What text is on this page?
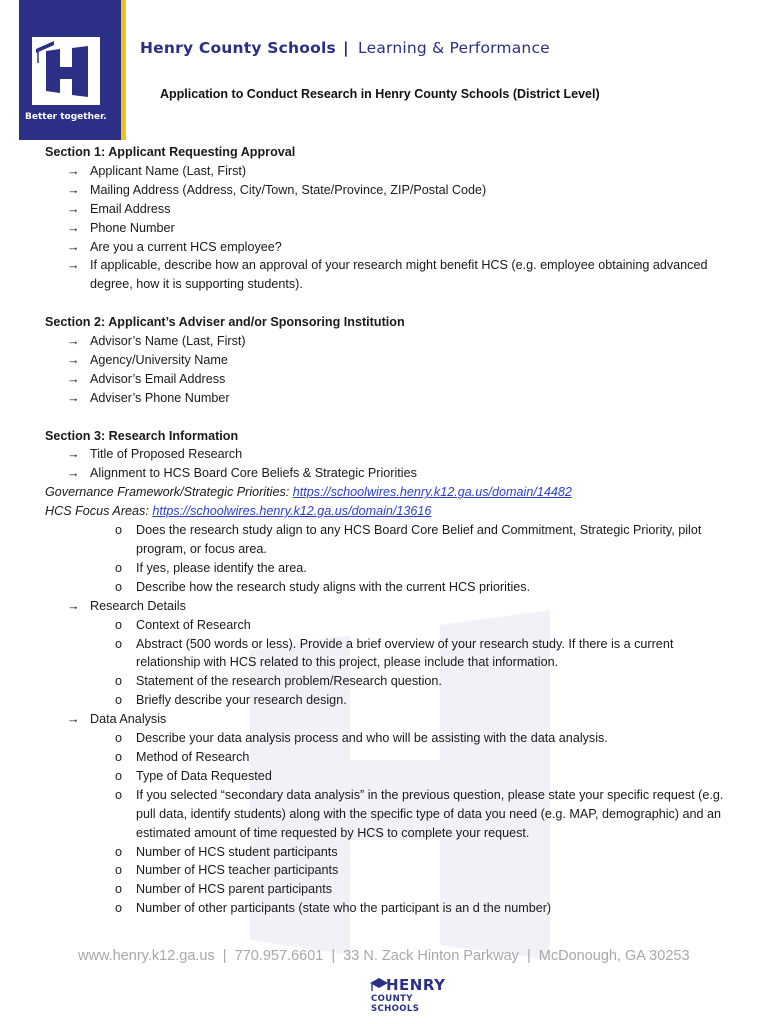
Better together.
Henry County Schools | Learning & Performance
Application to Conduct Research in Henry County Schools (District Level)
Section 1: Applicant Requesting Approval
→ Applicant Name (Last, First)
→ Mailing Address (Address, City/Town, State/Province, ZIP/Postal Code)
→ Email Address
→ Phone Number
→ Are you a current HCS employee?
→ If applicable, describe how an approval of your research might benefit HCS (e.g. employee obtaining advanced degree, how it is supporting students).
Section 2: Applicant’s Adviser and/or Sponsoring Institution
→ Advisor’s Name (Last, First)
→ Agency/University Name
→ Advisor’s Email Address
→ Adviser’s Phone Number
Section 3: Research Information
→ Title of Proposed Research
→ Alignment to HCS Board Core Beliefs & Strategic Priorities
Governance Framework/Strategic Priorities: https://schoolwires.henry.k12.ga.us/domain/14482
HCS Focus Areas: https://schoolwires.henry.k12.ga.us/domain/13616
o Does the research study align to any HCS Board Core Belief and Commitment, Strategic Priority, pilot program, or focus area.
o If yes, please identify the area.
o Describe how the research study aligns with the current HCS priorities.
→ Research Details
o Context of Research
o Abstract (500 words or less). Provide a brief overview of your research study. If there is a current relationship with HCS related to this project, please include that information.
o Statement of the research problem/Research question.
o Briefly describe your research design.
→ Data Analysis
o Describe your data analysis process and who will be assisting with the data analysis.
o Method of Research
o Type of Data Requested
o If you selected “secondary data analysis” in the previous question, please state your specific request (e.g. pull data, identify students) along with the specific type of data you need (e.g. MAP, demographic) and an estimated amount of time requested by HCS to complete your request.
o Number of HCS student participants
o Number of HCS teacher participants
o Number of HCS parent participants
o Number of other participants (state who the participant is an d the number)
www.henry.k12.ga.us  |  770.957.6601  |  33 N. Zack Hinton Parkway  |  McDonough, GA 30253
HENRY
COUNTY SCHOOLS
